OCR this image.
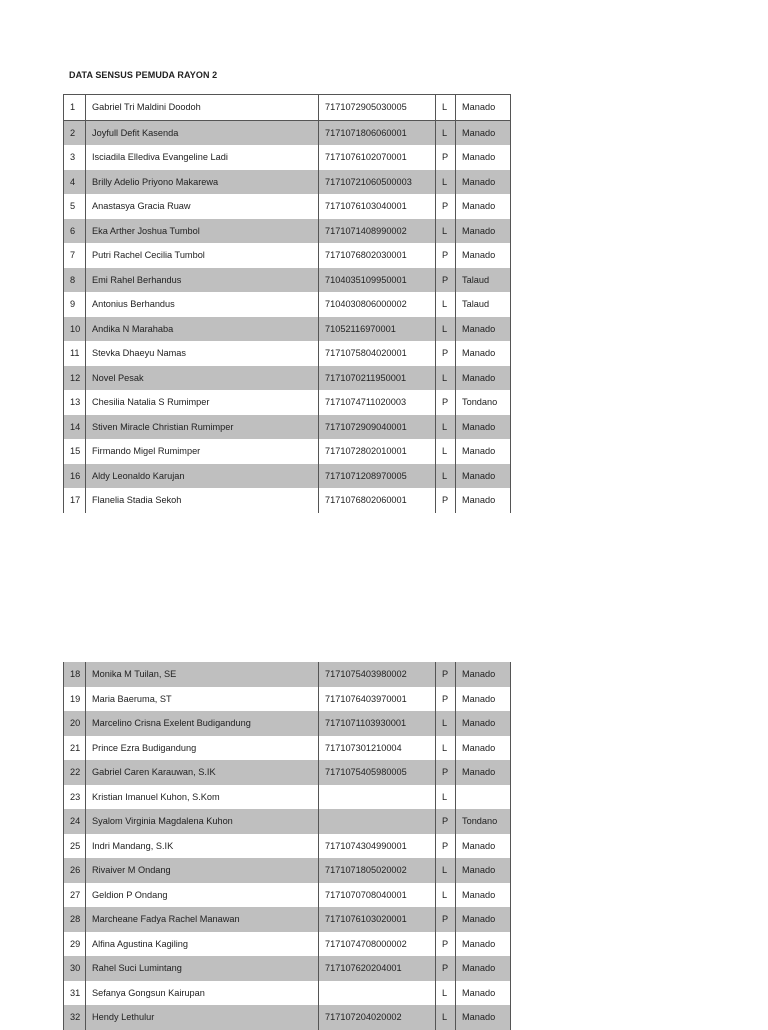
DATA SENSUS PEMUDA RAYON 2
1	Gabriel Tri Maldini Doodoh	7171072905030005	L	Manado
2	Joyfull Defit Kasenda	7171071806060001	L	Manado
3	Isciadila Ellediva Evangeline Ladi	7171076102070001	P	Manado
4	Brilly Adelio Priyono Makarewa	71710721060500003	L	Manado
5	Anastasya Gracia Ruaw	7171076103040001	P	Manado
6	Eka Arther Joshua Tumbol	7171071408990002	L	Manado
7	Putri Rachel Cecilia Tumbol	7171076802030001	P	Manado
8	Emi Rahel Berhandus	7104035109950001	P	Talaud
9	Antonius Berhandus	7104030806000002	L	Talaud
10	Andika N Marahaba	71052116970001	L	Manado
11	Stevka Dhaeyu Namas	7171075804020001	P	Manado
12	Novel Pesak	7171070211950001	L	Manado
13	Chesilia Natalia S Rumimper	7171074711020003	P	Tondano
14	Stiven Miracle Christian Rumimper	7171072909040001	L	Manado
15	Firmando Migel Rumimper	7171072802010001	L	Manado
16	Aldy Leonaldo Karujan	7171071208970005	L	Manado
17	Flanelia Stadia Sekoh	7171076802060001	P	Manado
18	Monika M Tuilan, SE	7171075403980002	P	Manado
19	Maria Baeruma, ST	7171076403970001	P	Manado
20	Marcelino Crisna Exelent Budigandung	7171071103930001	L	Manado
21	Prince Ezra Budigandung	717107301210004	L	Manado
22	Gabriel Caren Karauwan, S.IK	7171075405980005	P	Manado
23	Kristian Imanuel Kuhon, S.Kom		L	
24	Syalom Virginia Magdalena Kuhon		P	Tondano
25	Indri Mandang, S.IK	7171074304990001	P	Manado
26	Rivaiver M Ondang	7171071805020002	L	Manado
27	Geldion P Ondang	7171070708040001	L	Manado
28	Marcheane Fadya Rachel Manawan	7171076103020001	P	Manado
29	Alfina Agustina Kagiling	7171074708000002	P	Manado
30	Rahel Suci Lumintang	717107620204001	P	Manado
31	Sefanya Gongsun Kairupan		L	Manado
32	Hendy Lethulur	717107204020002	L	Manado
